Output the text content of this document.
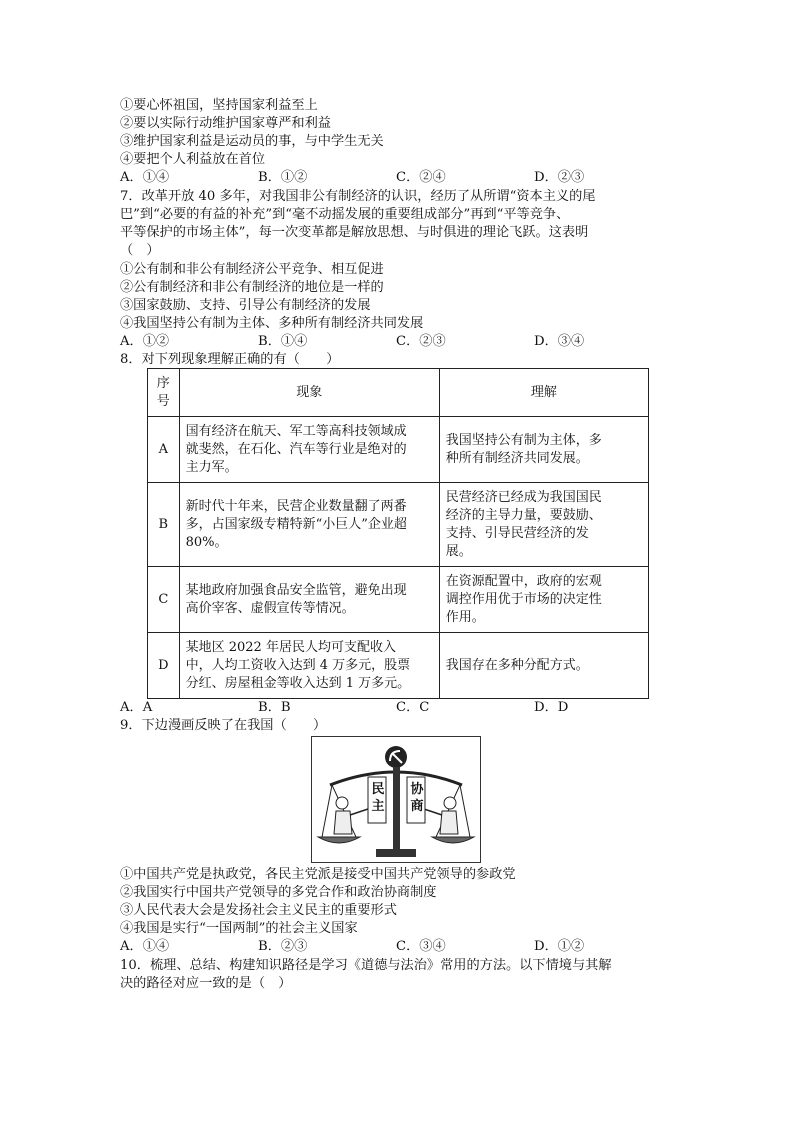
①要心怀祖国，坚持国家利益至上
②要以实际行动维护国家尊严和利益
③维护国家利益是运动员的事，与中学生无关
④要把个人利益放在首位
A．①④	B．①②	C．②④	D．②③
7．改革开放 40 多年，对我国非公有制经济的认识，经历了从所谓“资本主义的尾
巴”到“必要的有益的补充”到“毫不动摇发展的重要组成部分”再到“平等竞争、
平等保护的市场主体”，每一次变革都是解放思想、与时俱进的理论飞跃。这表明
（　）
①公有制和非公有制经济公平竞争、相互促进
②公有制经济和非公有制经济的地位是一样的
③国家鼓励、支持、引导公有制经济的发展
④我国坚持公有制为主体、多种所有制经济共同发展
A．①②	B．①④	C．②③	D．③④
8．对下列现象理解正确的有（　　）
序
号	现象	理解
A	国有经济在航天、军工等高科技领域成
就斐然，在石化、汽车等行业是绝对的
主力军。	我国坚持公有制为主体，多
种所有制经济共同发展。
B	新时代十年来，民营企业数量翻了两番
多，占国家级专精特新“小巨人”企业超
80%。	民营经济已经成为我国国民
经济的主导力量，要鼓励、
支持、引导民营经济的发
展。
C	某地政府加强食品安全监管，避免出现
高价宰客、虚假宣传等情况。	在资源配置中，政府的宏观
调控作用优于市场的决定性
作用。
D	某地区 2022 年居民人均可支配收入
中，人均工资收入达到 4 万多元，股票
分红、房屋租金等收入达到 1 万多元。	我国存在多种分配方式。
A．A	B．B	C．C	D．D
9．下边漫画反映了在我国（　　）
民主
协商
①中国共产党是执政党，各民主党派是接受中国共产党领导的参政党
②我国实行中国共产党领导的多党合作和政治协商制度
③人民代表大会是发扬社会主义民主的重要形式
④我国是实行“一国两制”的社会主义国家
A．①④	B．②③	C．③④	D．①②
10．梳理、总结、构建知识路径是学习《道德与法治》常用的方法。以下情境与其解
决的路径对应一致的是（　）
